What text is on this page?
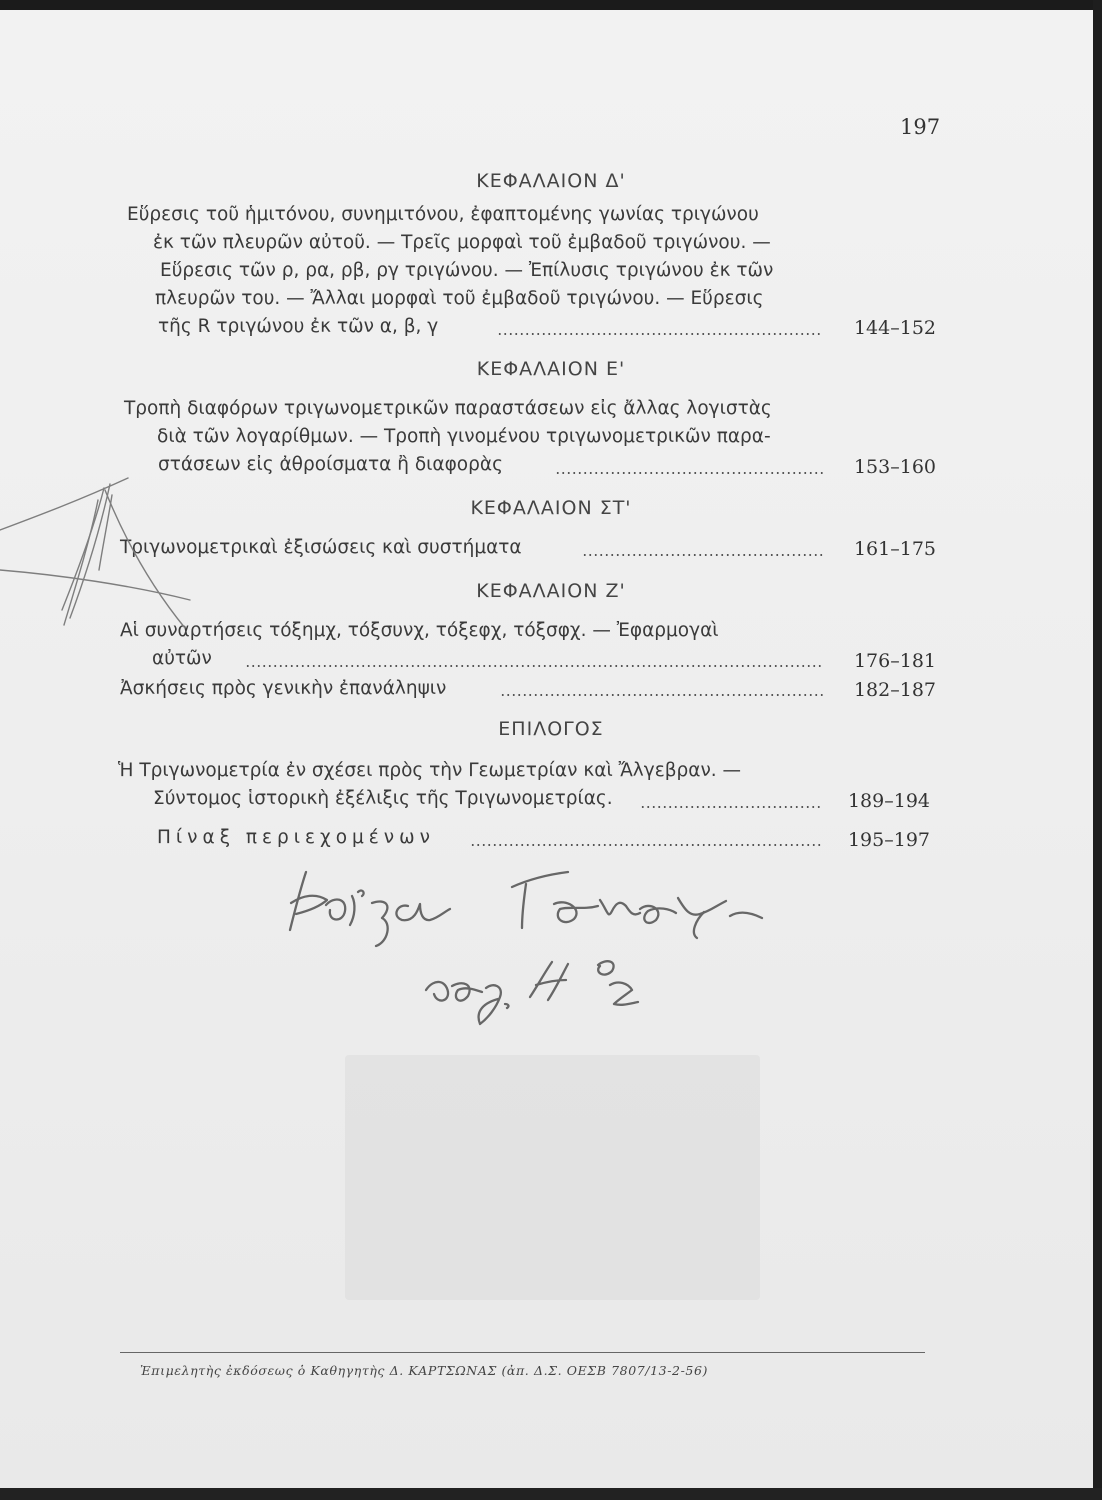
197
ΚΕΦΑΛΑΙΟΝ Δ'
Εὕρεσις τοῦ ἡμιτόνου, συνημιτόνου, ἐφαπτομένης γωνίας τριγώνου
ἐκ τῶν πλευρῶν αὐτοῦ. — Τρεῖς μορφαὶ τοῦ ἐμβαδοῦ τριγώνου. —
Εὕρεσις τῶν ρ, ρα, ρβ, ργ τριγώνου. — Ἐπίλυσις τριγώνου ἐκ τῶν
πλευρῶν του. — Ἄλλαι μορφαὶ τοῦ ἐμβαδοῦ τριγώνου. — Εὕρεσις
τῆς R τριγώνου ἐκ τῶν α, β, γ	144–152
ΚΕΦΑΛΑΙΟΝ Ε'
Τροπὴ διαφόρων τριγωνομετρικῶν παραστάσεων εἰς ἄλλας λογιστὰς
διὰ τῶν λογαρίθμων. — Τροπὴ γινομένου τριγωνομετρικῶν παρα-
στάσεων εἰς ἀθροίσματα ἢ διαφορὰς	153–160
ΚΕΦΑΛΑΙΟΝ ΣΤ'
Τριγωνομετρικαὶ ἐξισώσεις καὶ συστήματα	161–175
ΚΕΦΑΛΑΙΟΝ Ζ'
Αἱ συναρτήσεις τόξημχ, τόξσυνχ, τόξεφχ, τόξσφχ. — Ἐφαρμογαὶ
αὐτῶν	176–181
Ἀσκήσεις πρὸς γενικὴν ἐπανάληψιν	182–187
ΕΠΙΛΟΓΟΣ
Ἡ Τριγωνομετρία ἐν σχέσει πρὸς τὴν Γεωμετρίαν καὶ Ἄλγεβραν. —
Σύντομος ἱστορικὴ ἐξέλιξις τῆς Τριγωνομετρίας.	189–194
Πίναξ περιεχομένων	195–197
Ἐπιμελητὴς ἐκδόσεως ὁ Καθηγητὴς Δ. ΚΑΡΤΣΩΝΑΣ (ἀπ. Δ.Σ. ΟΕΣΒ 7807/13-2-56)
